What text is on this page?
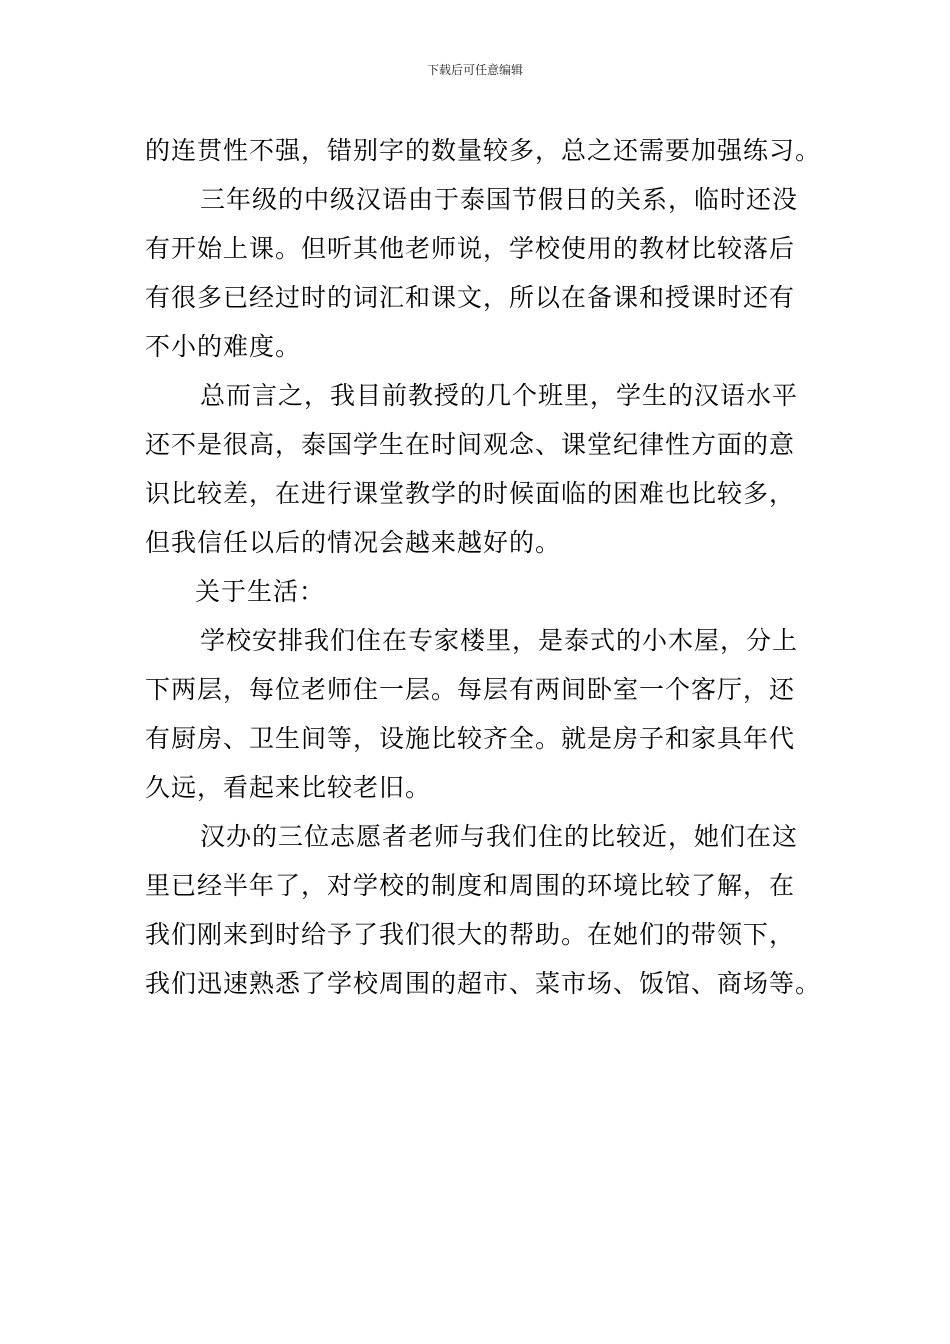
下载后可任意编辑
的连贯性不强，错别字的数量较多，总之还需要加强练习。
三年级的中级汉语由于泰国节假日的关系，临时还没
有开始上课。但听其他老师说，学校使用的教材比较落后
有很多已经过时的词汇和课文，所以在备课和授课时还有
不小的难度。
总而言之，我目前教授的几个班里，学生的汉语水平
还不是很高，泰国学生在时间观念、课堂纪律性方面的意
识比较差，在进行课堂教学的时候面临的困难也比较多，
但我信任以后的情况会越来越好的。
关于生活：
学校安排我们住在专家楼里，是泰式的小木屋，分上
下两层，每位老师住一层。每层有两间卧室一个客厅，还
有厨房、卫生间等，设施比较齐全。就是房子和家具年代
久远，看起来比较老旧。
汉办的三位志愿者老师与我们住的比较近，她们在这
里已经半年了，对学校的制度和周围的环境比较了解，在
我们刚来到时给予了我们很大的帮助。在她们的带领下，
我们迅速熟悉了学校周围的超市、菜市场、饭馆、商场等。
